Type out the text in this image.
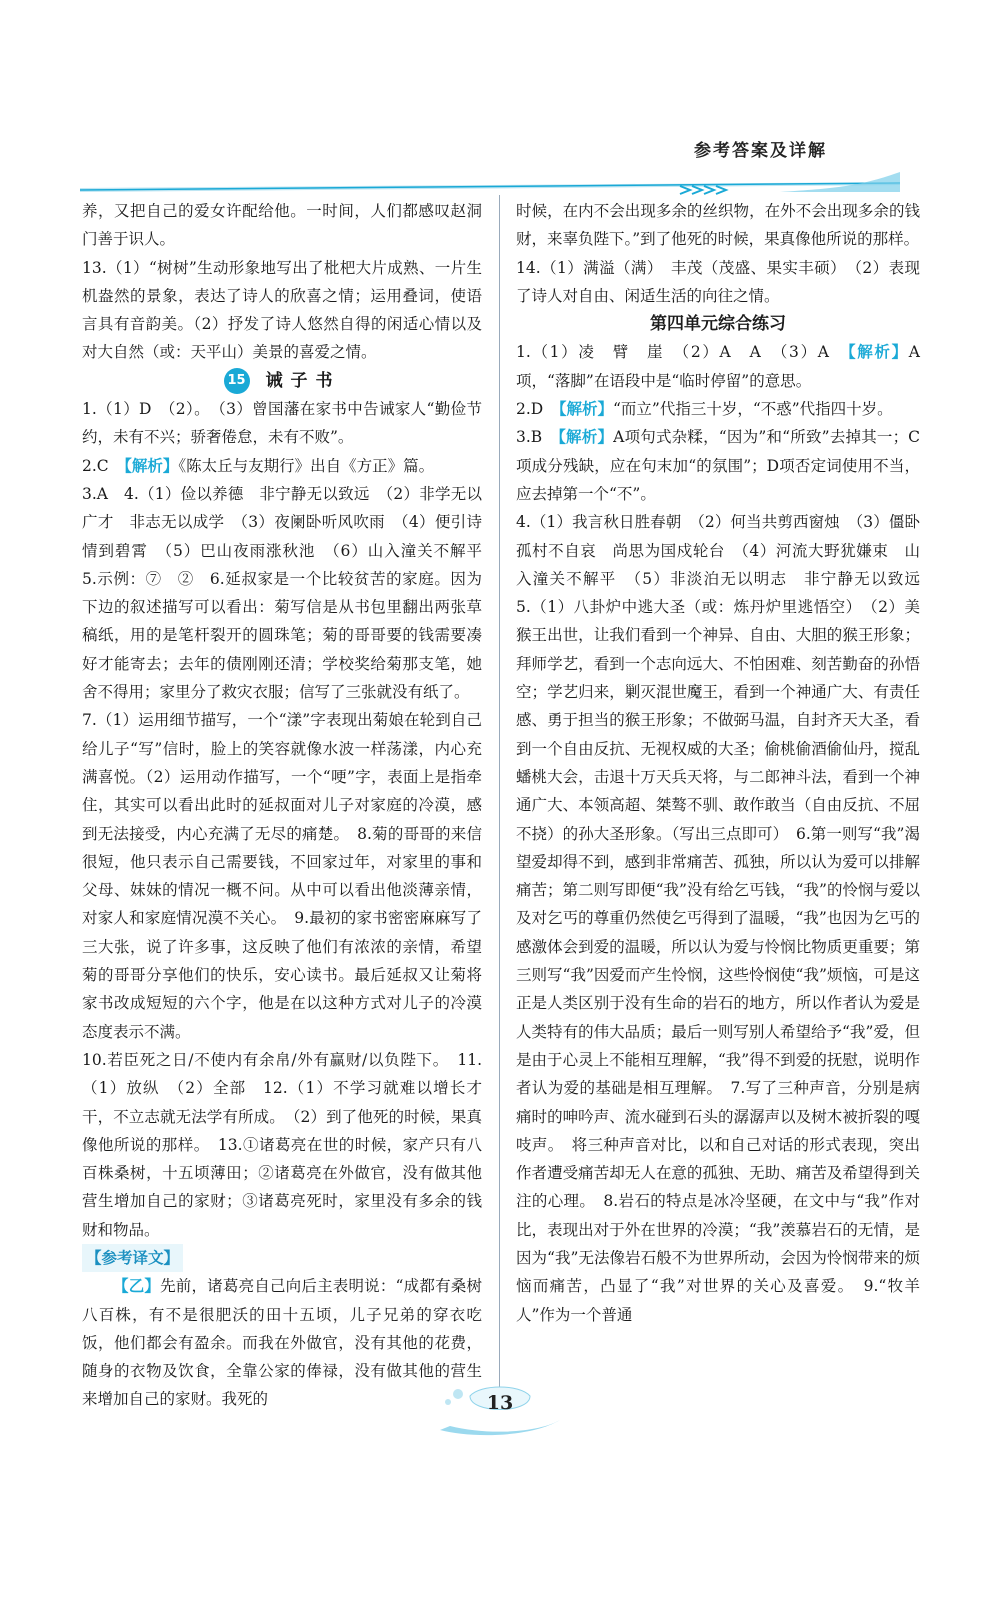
参考答案及详解

养，又把自己的爱女许配给他。一时间，人们都感叹赵洞门善于识人。

13.（1）“树树”生动形象地写出了枇杷大片成熟、一片生机盎然的景象，表达了诗人的欣喜之情；运用叠词，使语言具有音韵美。（2）抒发了诗人悠然自得的闲适心情以及对大自然（或：天平山）美景的喜爱之情。

15 诫子书

1.（1）D　（2）。　（3）曾国藩在家书中告诫家人“勤俭节约，未有不兴；骄奢倦怠，未有不败”。

2.C　【解析】《陈太丘与友期行》出自《方正》篇。

3.A　4.（1）俭以养德　非宁静无以致远　（2）非学无以广才　非志无以成学　（3）夜阑卧听风吹雨　（4）便引诗情到碧霄　（5）巴山夜雨涨秋池　（6）山入潼关不解平　5.示例：⑦　②　6.延叔家是一个比较贫苦的家庭。因为下边的叙述描写可以看出：菊写信是从书包里翻出两张草稿纸，用的是笔杆裂开的圆珠笔；菊的哥哥要的钱需要凑好才能寄去；去年的债刚刚还清；学校奖给菊那支笔，她舍不得用；家里分了救灾衣服；信写了三张就没有纸了。

7.（1）运用细节描写，一个“漾”字表现出菊娘在轮到自己给儿子“写”信时，脸上的笑容就像水波一样荡漾，内心充满喜悦。（2）运用动作描写，一个“哽”字，表面上是指牵住，其实可以看出此时的延叔面对儿子对家庭的冷漠，感到无法接受，内心充满了无尽的痛楚。　8.菊的哥哥的来信很短，他只表示自己需要钱，不回家过年，对家里的事和父母、妹妹的情况一概不问。从中可以看出他淡薄亲情，对家人和家庭情况漠不关心。　9.最初的家书密密麻麻写了三大张，说了许多事，这反映了他们有浓浓的亲情，希望菊的哥哥分享他们的快乐，安心读书。最后延叔又让菊将家书改成短短的六个字，他是在以这种方式对儿子的冷漠态度表示不满。

10.若臣死之日/不使内有余帛/外有赢财/以负陛下。　11.（1）放纵　（2）全部　12.（1）不学习就难以增长才干，不立志就无法学有所成。　（2）到了他死的时候，果真像他所说的那样。　13.①诸葛亮在世的时候，家产只有八百株桑树，十五顷薄田；②诸葛亮在外做官，没有做其他营生增加自己的家财；③诸葛亮死时，家里没有多余的钱财和物品。

【参考译文】

【乙】先前，诸葛亮自己向后主表明说：“成都有桑树八百株，有不是很肥沃的田十五顷，儿子兄弟的穿衣吃饭，他们都会有盈余。而我在外做官，没有其他的花费，随身的衣物及饮食，全靠公家的俸禄，没有做其他的营生来增加自己的家财。我死的

时候，在内不会出现多余的丝织物，在外不会出现多余的钱财，来辜负陛下。”到了他死的时候，果真像他所说的那样。

14.（1）满溢（满）　丰茂（茂盛、果实丰硕）　（2）表现了诗人对自由、闲适生活的向往之情。

第四单元综合练习

1.（1）凌　臂　崖　（2）A　A　（3）A　【解析】A项，“落脚”在语段中是“临时停留”的意思。

2.D　【解析】“而立”代指三十岁，“不惑”代指四十岁。

3.B　【解析】A项句式杂糅，“因为”和“所致”去掉其一；C项成分残缺，应在句末加“的氛围”；D项否定词使用不当，应去掉第一个“不”。

4.（1）我言秋日胜春朝　（2）何当共剪西窗烛　（3）僵卧孤村不自哀　尚思为国戍轮台　（4）河流大野犹嫌束　山入潼关不解平　（5）非淡泊无以明志　非宁静无以致远　5.（1）八卦炉中逃大圣（或：炼丹炉里逃悟空）　（2）美猴王出世，让我们看到一个神异、自由、大胆的猴王形象；拜师学艺，看到一个志向远大、不怕困难、刻苦勤奋的孙悟空；学艺归来，剿灭混世魔王，看到一个神通广大、有责任感、勇于担当的猴王形象；不做弼马温，自封齐天大圣，看到一个自由反抗、无视权威的大圣；偷桃偷酒偷仙丹，搅乱蟠桃大会，击退十万天兵天将，与二郎神斗法，看到一个神通广大、本领高超、桀骜不驯、敢作敢当（自由反抗、不屈不挠）的孙大圣形象。（写出三点即可）　6.第一则写“我”渴望爱却得不到，感到非常痛苦、孤独，所以认为爱可以排解痛苦；第二则写即便“我”没有给乞丐钱，“我”的怜悯与爱以及对乞丐的尊重仍然使乞丐得到了温暖，“我”也因为乞丐的感激体会到爱的温暖，所以认为爱与怜悯比物质更重要；第三则写“我”因爱而产生怜悯，这些怜悯使“我”烦恼，可是这正是人类区别于没有生命的岩石的地方，所以作者认为爱是人类特有的伟大品质；最后一则写别人希望给予“我”爱，但是由于心灵上不能相互理解，“我”得不到爱的抚慰，说明作者认为爱的基础是相互理解。　7.写了三种声音，分别是病痛时的呻吟声、流水碰到石头的潺潺声以及树木被折裂的嘎吱声。　将三种声音对比，以和自己对话的形式表现，突出作者遭受痛苦却无人在意的孤独、无助、痛苦及希望得到关注的心理。　8.岩石的特点是冰冷坚硬，在文中与“我”作对比，表现出对于外在世界的冷漠；“我”羡慕岩石的无情，是因为“我”无法像岩石般不为世界所动，会因为怜悯带来的烦恼而痛苦，凸显了“我”对世界的关心及喜爱。　9.“牧羊人”作为一个普通

13
